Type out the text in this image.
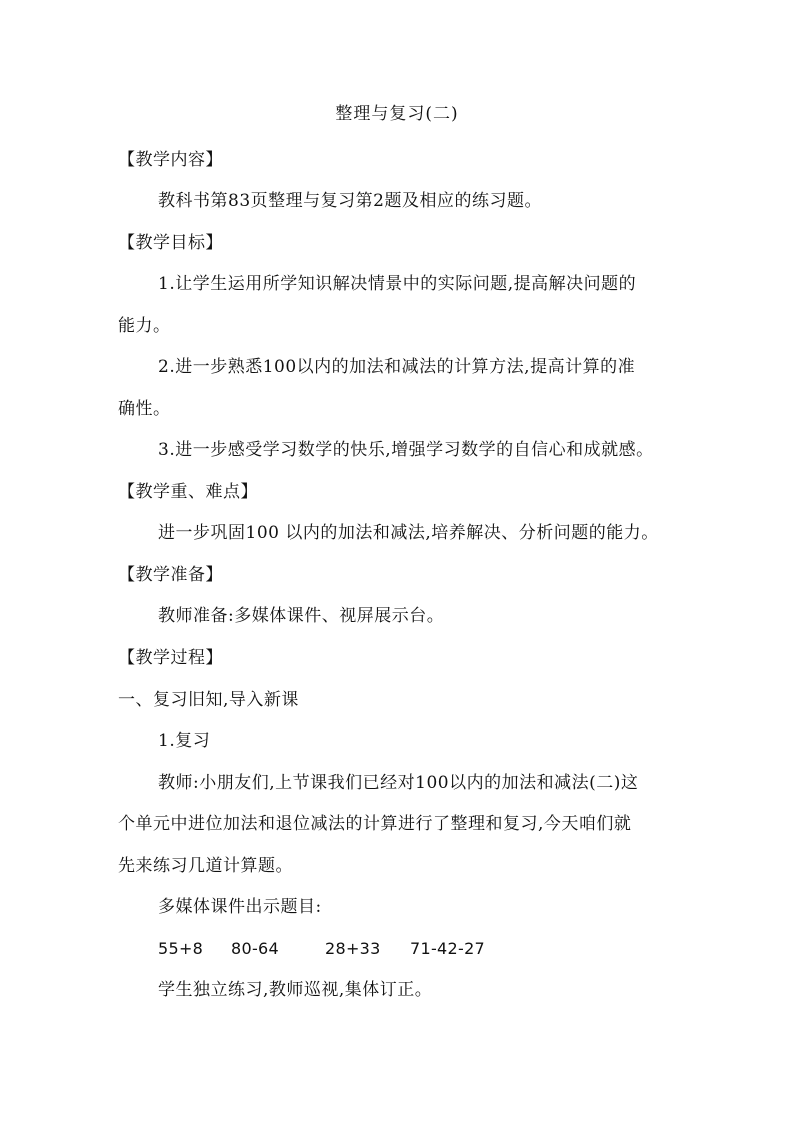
整理与复习(二)
【教学内容】
教科书第83页整理与复习第2题及相应的练习题。
【教学目标】
1.让学生运用所学知识解决情景中的实际问题,提高解决问题的
能力。
2.进一步熟悉100以内的加法和减法的计算方法,提高计算的准
确性。
3.进一步感受学习数学的快乐,增强学习数学的自信心和成就感。
【教学重、难点】
进一步巩固100 以内的加法和减法,培养解决、分析问题的能力。
【教学准备】
教师准备:多媒体课件、视屏展示台。
【教学过程】
一、复习旧知,导入新课
1.复习
教师:小朋友们,上节课我们已经对100以内的加法和减法(二)这
个单元中进位加法和退位减法的计算进行了整理和复习,今天咱们就
先来练习几道计算题。
多媒体课件出示题目:
55+8 80-64	28+33 71-42-27
学生独立练习,教师巡视,集体订正。
